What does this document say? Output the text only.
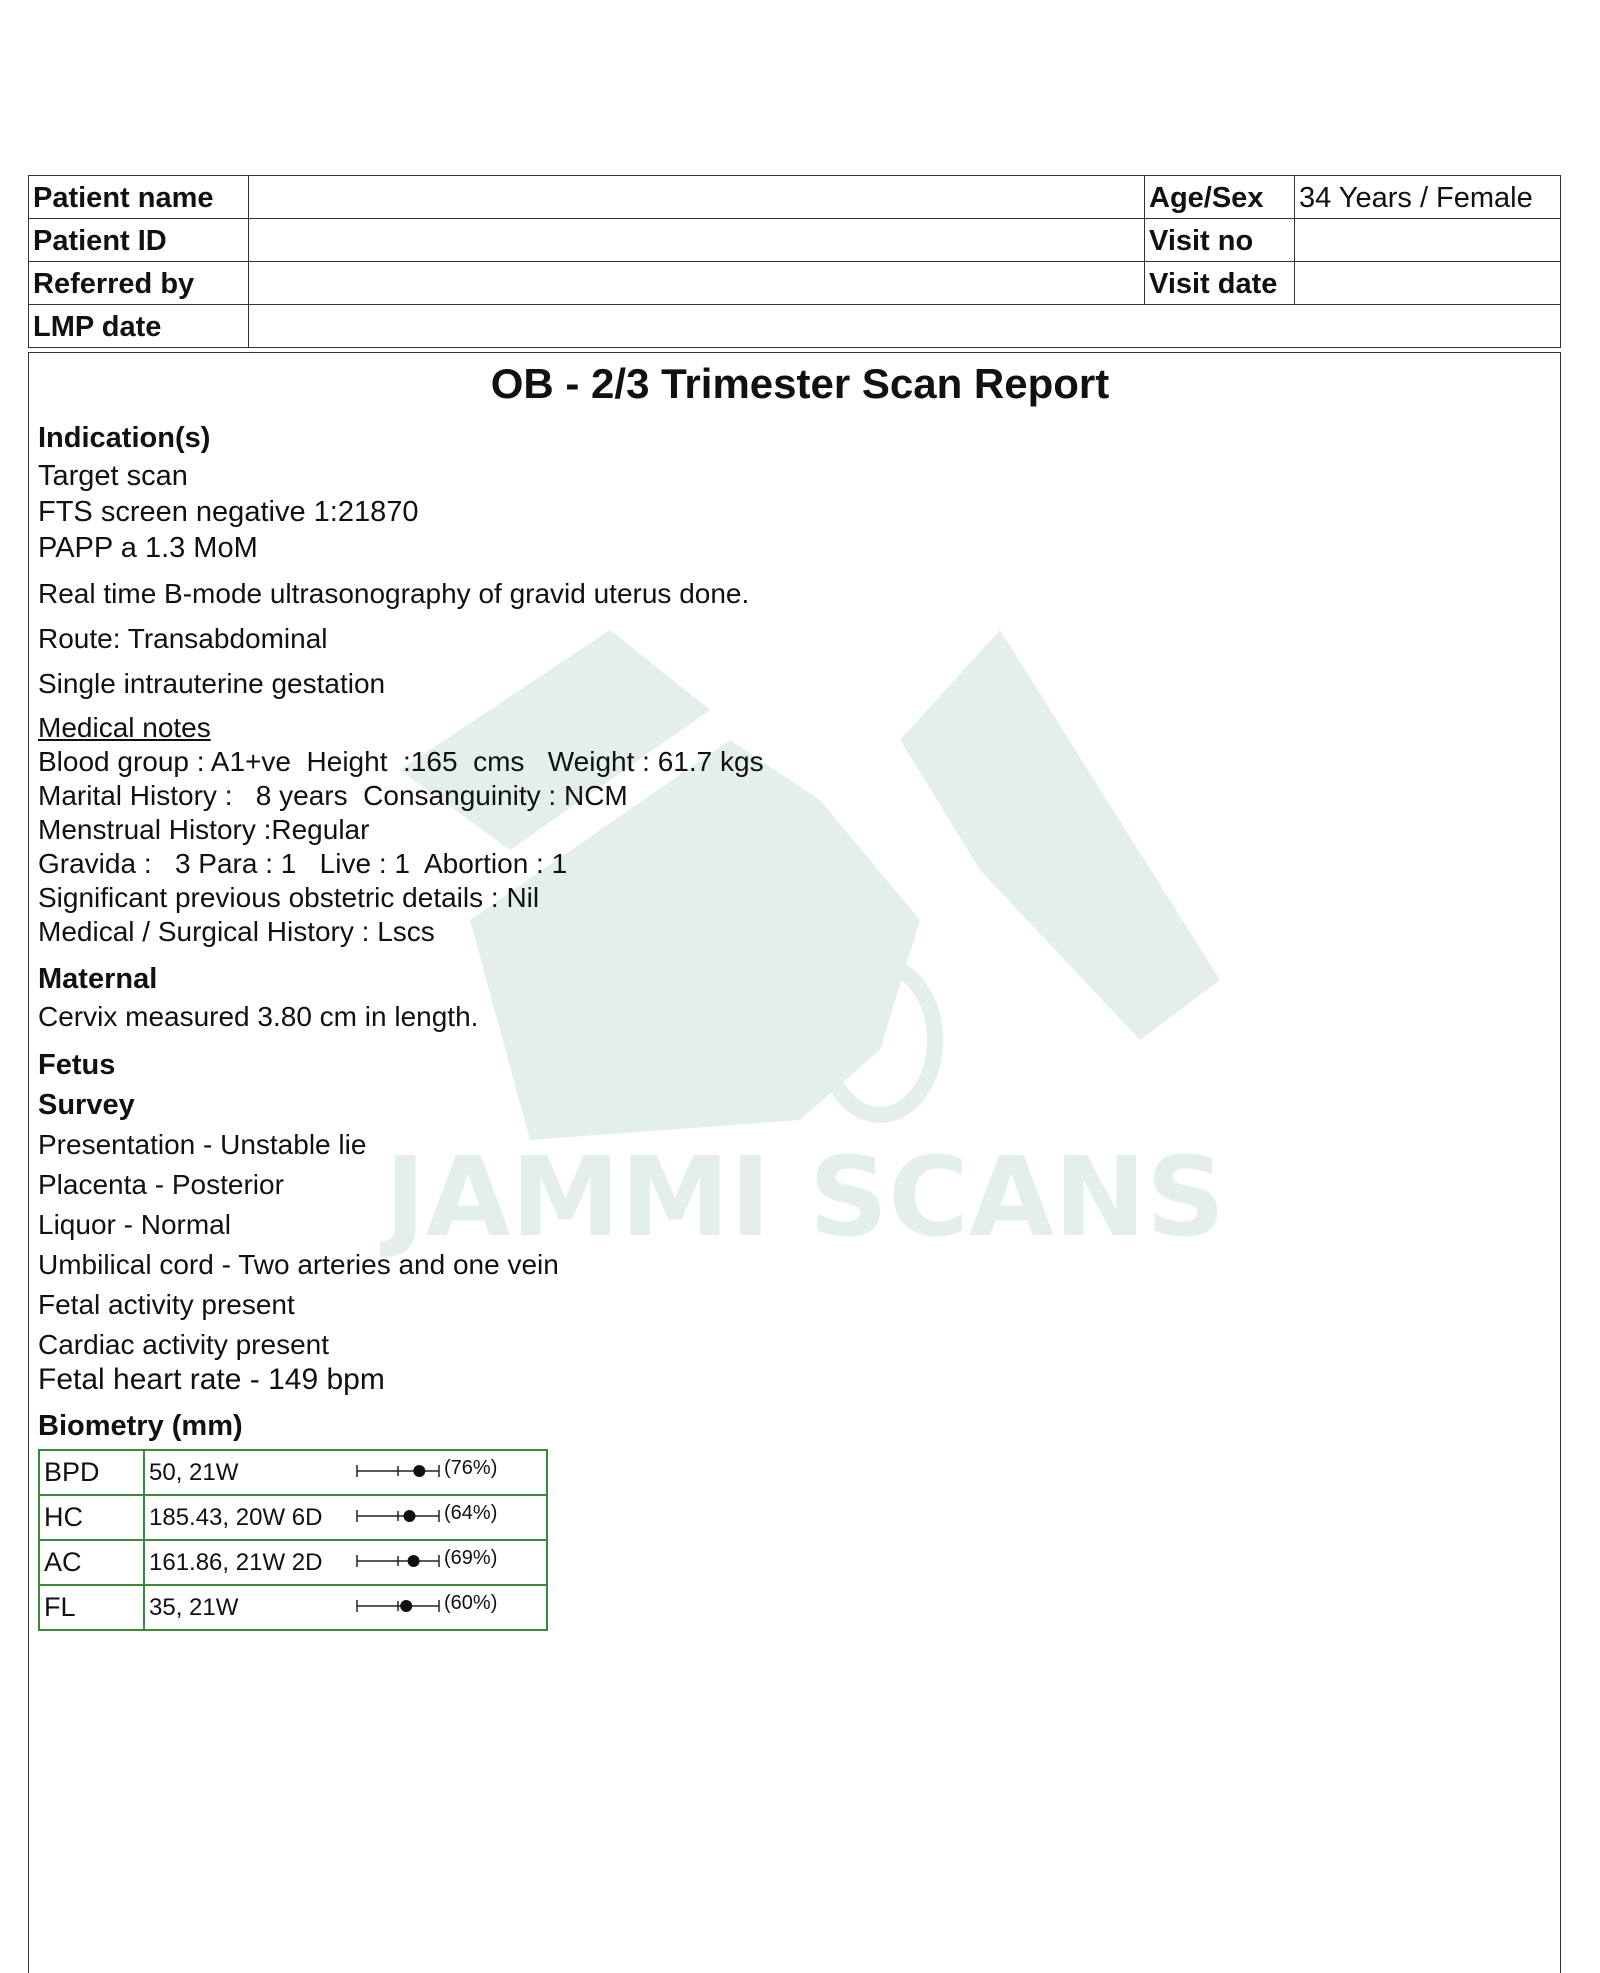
Patient name		Age/Sex	34 Years / Female
Patient ID		Visit no	
Referred by		Visit date	
LMP date			
JAMMI SCANS
OB - 2/3 Trimester Scan Report
Indication(s)
Target scan
FTS screen negative 1:21870
PAPP a 1.3 MoM
Real time B-mode ultrasonography of gravid uterus done.
Route: Transabdominal
Single intrauterine gestation
Medical notes
Blood group : A1+ve  Height  :165  cms   Weight : 61.7 kgs
Marital History :   8 years  Consanguinity : NCM
Menstrual History :Regular
Gravida :   3 Para : 1   Live : 1  Abortion : 1
Significant previous obstetric details : Nil
Medical / Surgical History : Lscs
Maternal
Cervix measured 3.80 cm in length.
Fetus
Survey
Presentation - Unstable lie
Placenta - Posterior
Liquor - Normal
Umbilical cord - Two arteries and one vein
Fetal activity present
Cardiac activity present
Fetal heart rate - 149 bpm
Biometry (mm)
BPD	50, 21W (76%)

HC	185.43, 20W 6D (64%)

AC	161.86, 21W 2D (69%)

FL	35, 21W (60%)
